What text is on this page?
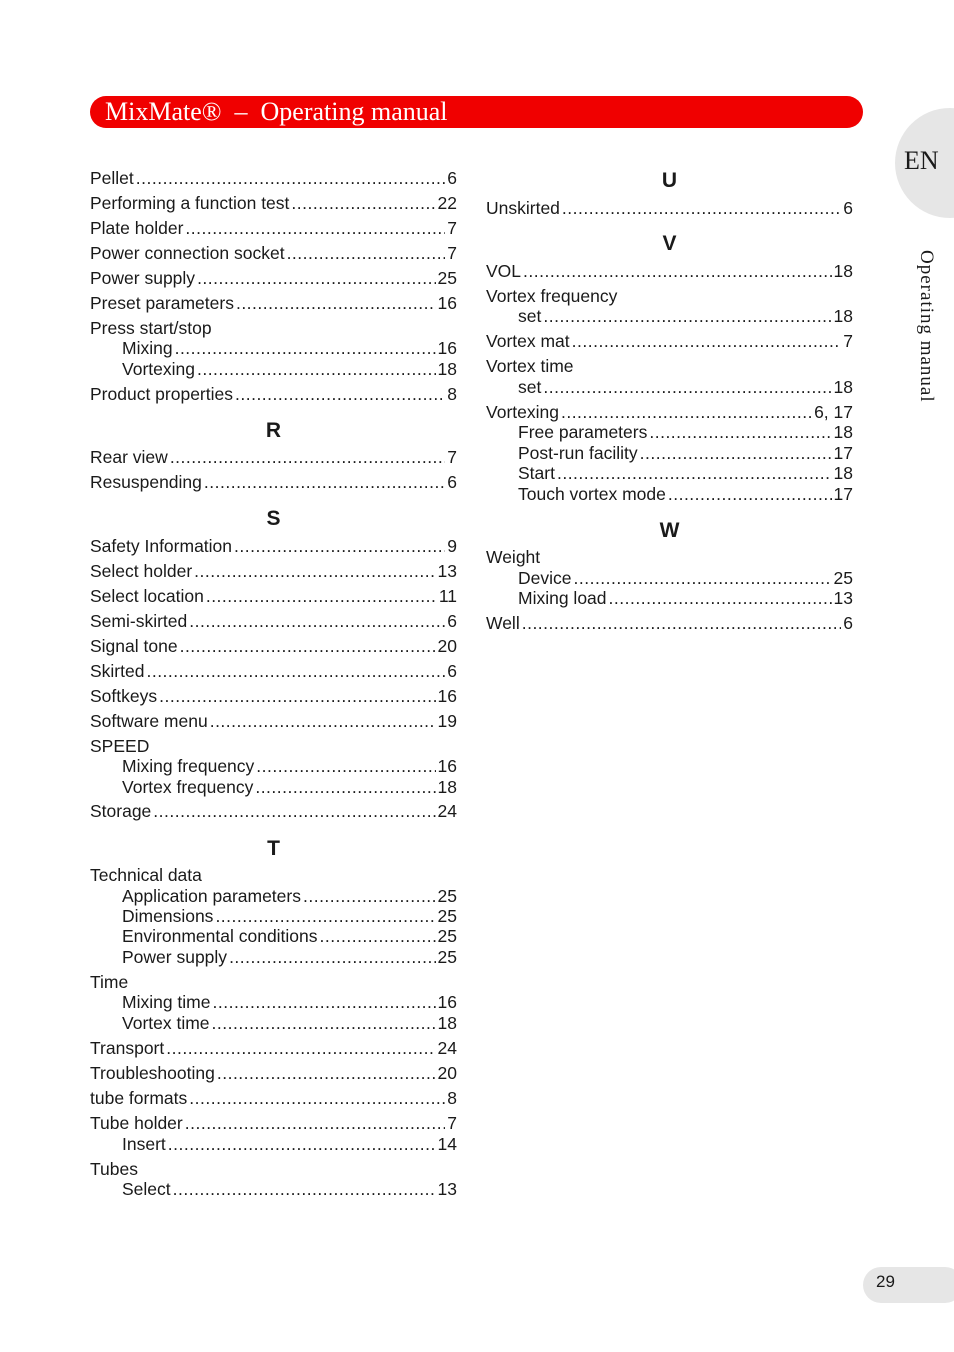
MixMate®  –  Operating manual
EN
Operating manual
Pellet .....	6
Performing a function test .....	22
Plate holder .....	7
Power connection socket .....	7
Power supply .....	25
Preset parameters .....	16
Press start/stop
Mixing .....	16
Vortexing .....	18
Product properties .....	8
R
Rear view .....	7
Resuspending .....	6
S
Safety Information .....	9
Select holder .....	13
Select location .....	11
Semi-skirted .....	6
Signal tone .....	20
Skirted .....	6
Softkeys .....	16
Software menu .....	19
SPEED
Mixing frequency .....	16
Vortex frequency .....	18
Storage .....	24
T
Technical data
Application parameters .....	25
Dimensions .....	25
Environmental conditions .....	25
Power supply .....	25
Time
Mixing time .....	16
Vortex time .....	18
Transport .....	24
Troubleshooting .....	20
tube formats .....	8
Tube holder .....	7
Insert .....	14
Tubes
Select .....	13
U
Unskirted .....	6
V
VOL .....	18
Vortex frequency
set .....	18
Vortex mat .....	7
Vortex time
set .....	18
Vortexing .....	6, 17
Free parameters .....	18
Post-run facility .....	17
Start .....	18
Touch vortex mode .....	17
W
Weight
Device .....	25
Mixing load .....	13
Well .....	6
29
